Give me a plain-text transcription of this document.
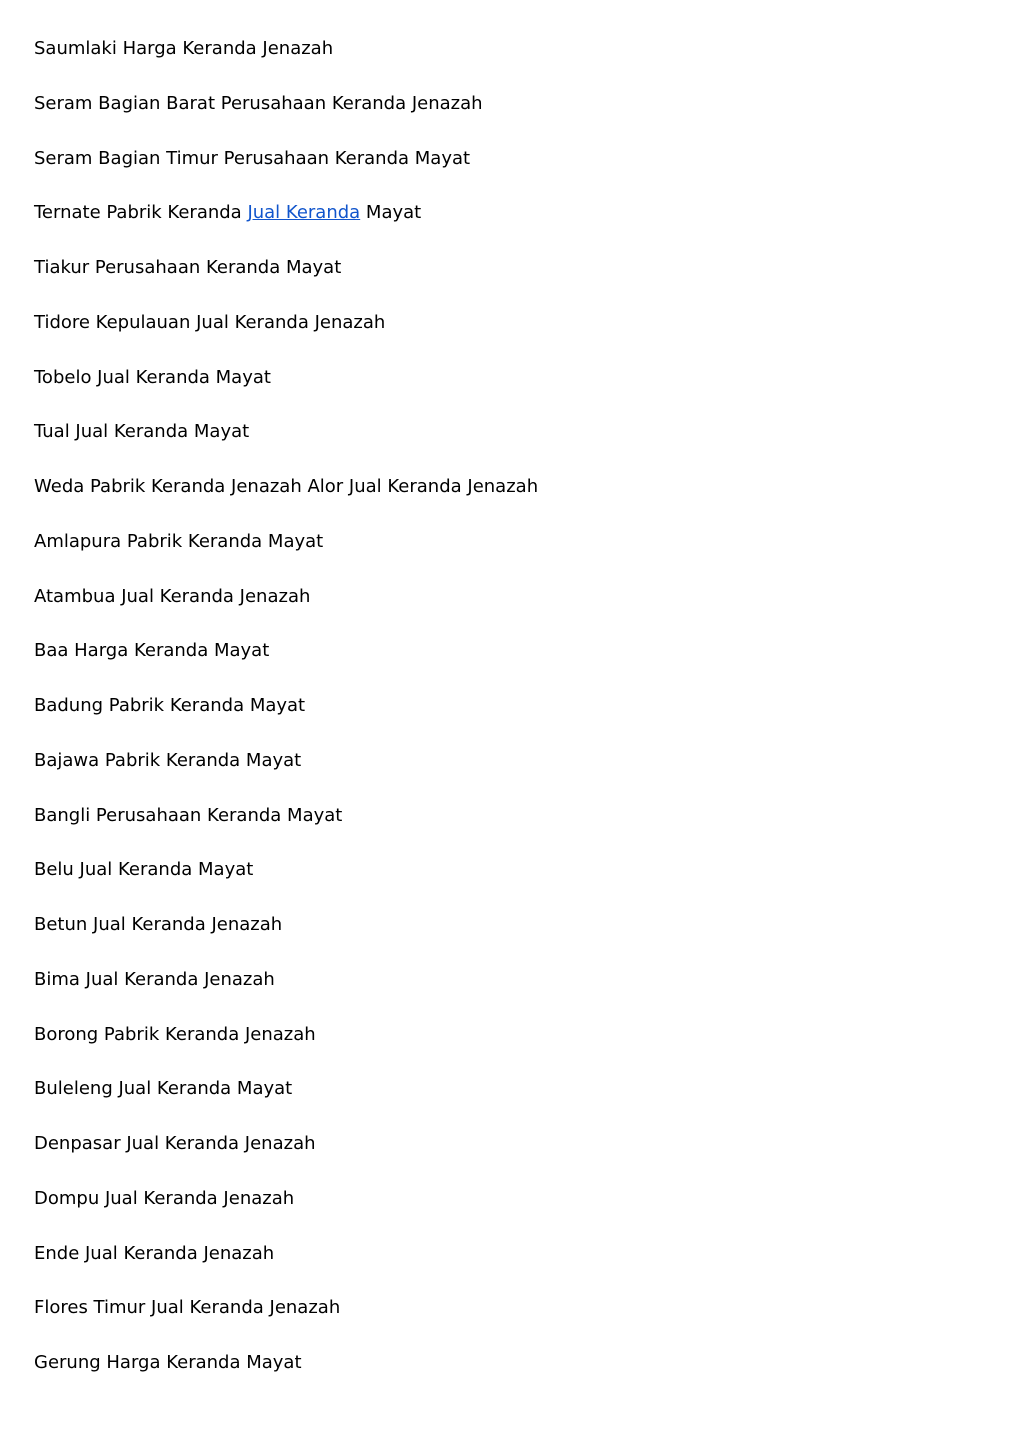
Saumlaki Harga Keranda Jenazah

Seram Bagian Barat Perusahaan Keranda Jenazah

Seram Bagian Timur Perusahaan Keranda Mayat

Ternate Pabrik Keranda Jual Keranda Mayat

Tiakur Perusahaan Keranda Mayat

Tidore Kepulauan Jual Keranda Jenazah

Tobelo Jual Keranda Mayat

Tual Jual Keranda Mayat

Weda Pabrik Keranda Jenazah Alor Jual Keranda Jenazah

Amlapura Pabrik Keranda Mayat

Atambua Jual Keranda Jenazah

Baa Harga Keranda Mayat

Badung Pabrik Keranda Mayat

Bajawa Pabrik Keranda Mayat

Bangli Perusahaan Keranda Mayat

Belu Jual Keranda Mayat

Betun Jual Keranda Jenazah

Bima Jual Keranda Jenazah

Borong Pabrik Keranda Jenazah

Buleleng Jual Keranda Mayat

Denpasar Jual Keranda Jenazah

Dompu Jual Keranda Jenazah

Ende Jual Keranda Jenazah

Flores Timur Jual Keranda Jenazah

Gerung Harga Keranda Mayat
